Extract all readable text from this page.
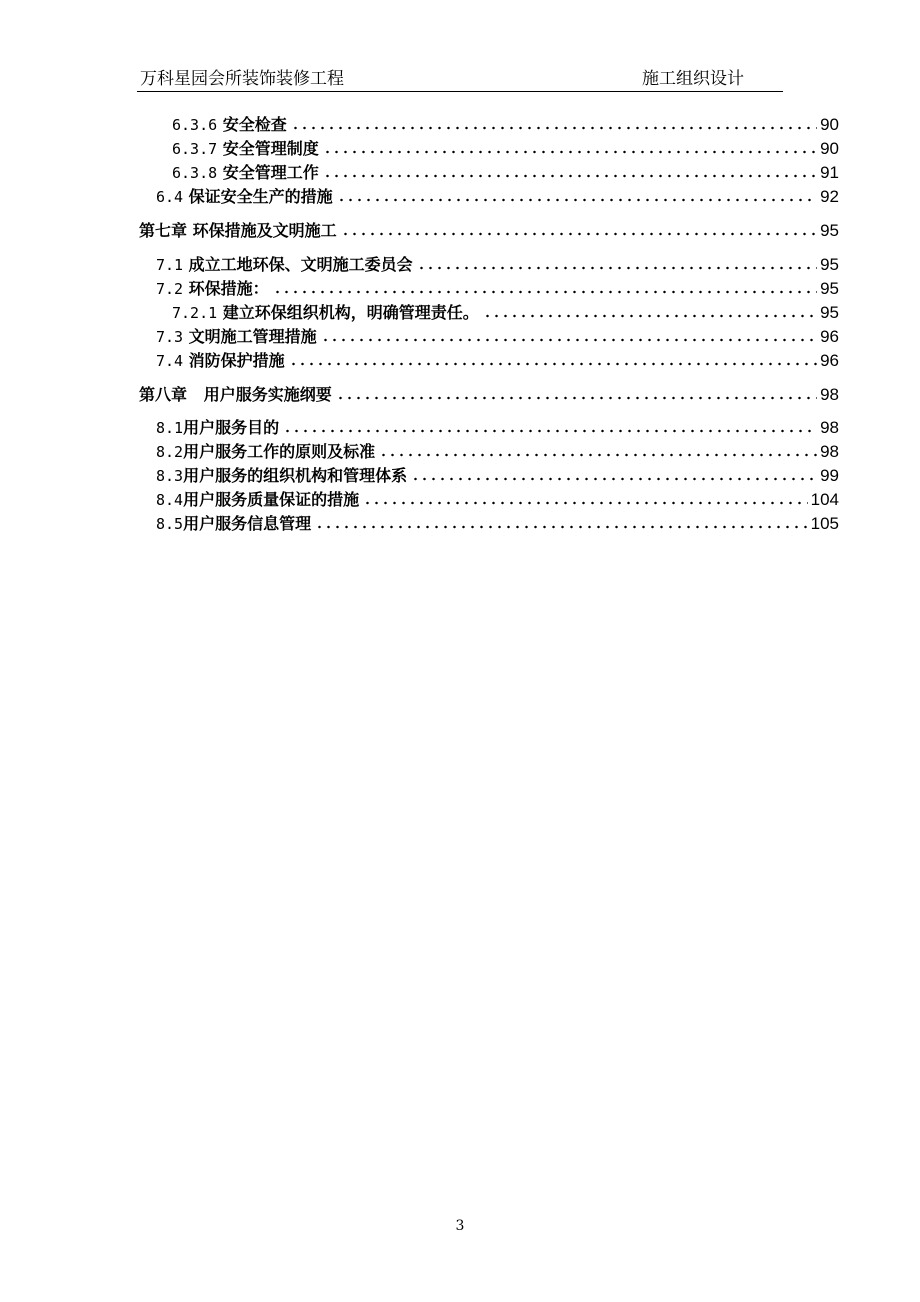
万科星园会所装饰装修工程	施工组织设计
6.3.6 安全检查	90
6.3.7 安全管理制度	90
6.3.8 安全管理工作	91
6.4 保证安全生产的措施	92
第七章 环保措施及文明施工	95
7.1 成立工地环保、文明施工委员会	95
7.2 环保措施：	95
7.2.1 建立环保组织机构，明确管理责任。	95
7.3 文明施工管理措施	96
7.4 消防保护措施	96
第八章 用户服务实施纲要	98
8.1用户服务目的	98
8.2用户服务工作的原则及标准	98
8.3用户服务的组织机构和管理体系	99
8.4用户服务质量保证的措施	104
8.5用户服务信息管理	105
3
